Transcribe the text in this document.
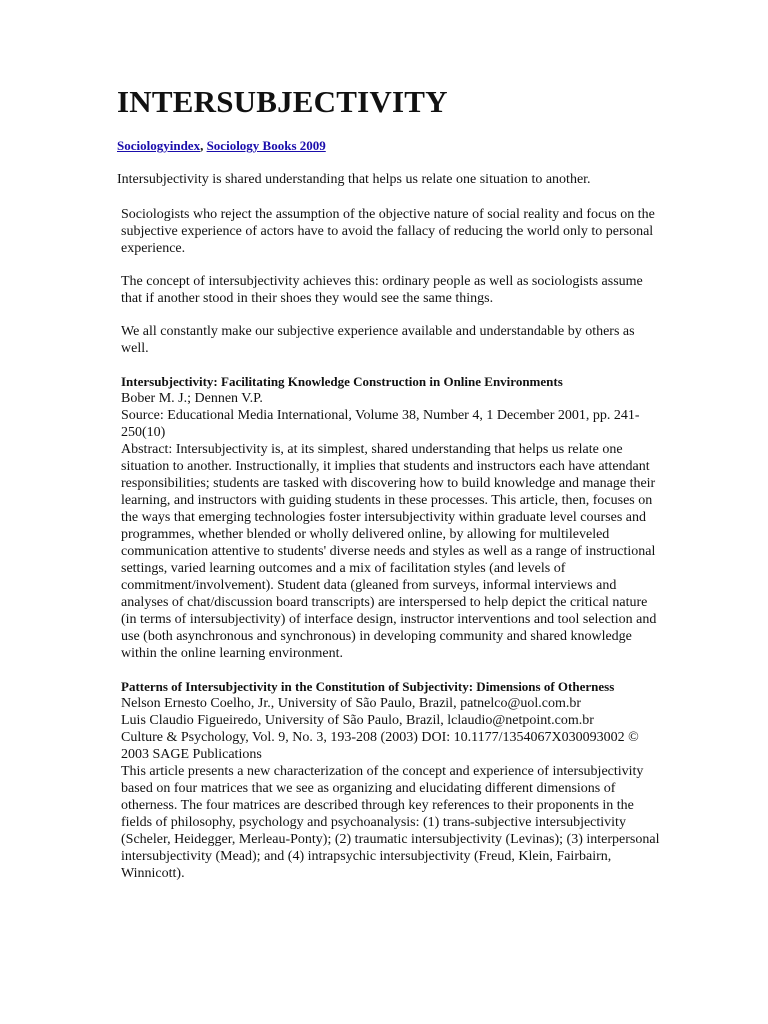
INTERSUBJECTIVITY
Sociologyindex, Sociology Books 2009

Intersubjectivity is shared understanding that helps us relate one situation to another.

Sociologists who reject the assumption of the objective nature of social reality and focus on the subjective experience of actors have to avoid the fallacy of reducing the world only to personal experience.

The concept of intersubjectivity achieves this: ordinary people as well as sociologists assume that if another stood in their shoes they would see the same things.

We all constantly make our subjective experience available and understandable by others as well.

Intersubjectivity: Facilitating Knowledge Construction in Online Environments
Bober M. J.; Dennen V.P.
Source: Educational Media International, Volume 38, Number 4, 1 December 2001, pp. 241-250(10)
Abstract: Intersubjectivity is, at its simplest, shared understanding that helps us relate one situation to another. Instructionally, it implies that students and instructors each have attendant responsibilities; students are tasked with discovering how to build knowledge and manage their learning, and instructors with guiding students in these processes. This article, then, focuses on the ways that emerging technologies foster intersubjectivity within graduate level courses and programmes, whether blended or wholly delivered online, by allowing for multileveled communication attentive to students' diverse needs and styles as well as a range of instructional settings, varied learning outcomes and a mix of facilitation styles (and levels of commitment/involvement). Student data (gleaned from surveys, informal interviews and analyses of chat/discussion board transcripts) are interspersed to help depict the critical nature (in terms of intersubjectivity) of interface design, instructor interventions and tool selection and use (both asynchronous and synchronous) in developing community and shared knowledge within the online learning environment.
Patterns of Intersubjectivity in the Constitution of Subjectivity: Dimensions of Otherness
Nelson Ernesto Coelho, Jr., University of São Paulo, Brazil, patnelco@uol.com.br
Luis Claudio Figueiredo, University of São Paulo, Brazil, lclaudio@netpoint.com.br
Culture & Psychology, Vol. 9, No. 3, 193-208 (2003) DOI: 10.1177/1354067X030093002 © 2003 SAGE Publications
This article presents a new characterization of the concept and experience of intersubjectivity based on four matrices that we see as organizing and elucidating different dimensions of otherness. The four matrices are described through key references to their proponents in the fields of philosophy, psychology and psychoanalysis: (1) trans-subjective intersubjectivity (Scheler, Heidegger, Merleau-Ponty); (2) traumatic intersubjectivity (Levinas); (3) interpersonal intersubjectivity (Mead); and (4) intrapsychic intersubjectivity (Freud, Klein, Fairbairn, Winnicott).
